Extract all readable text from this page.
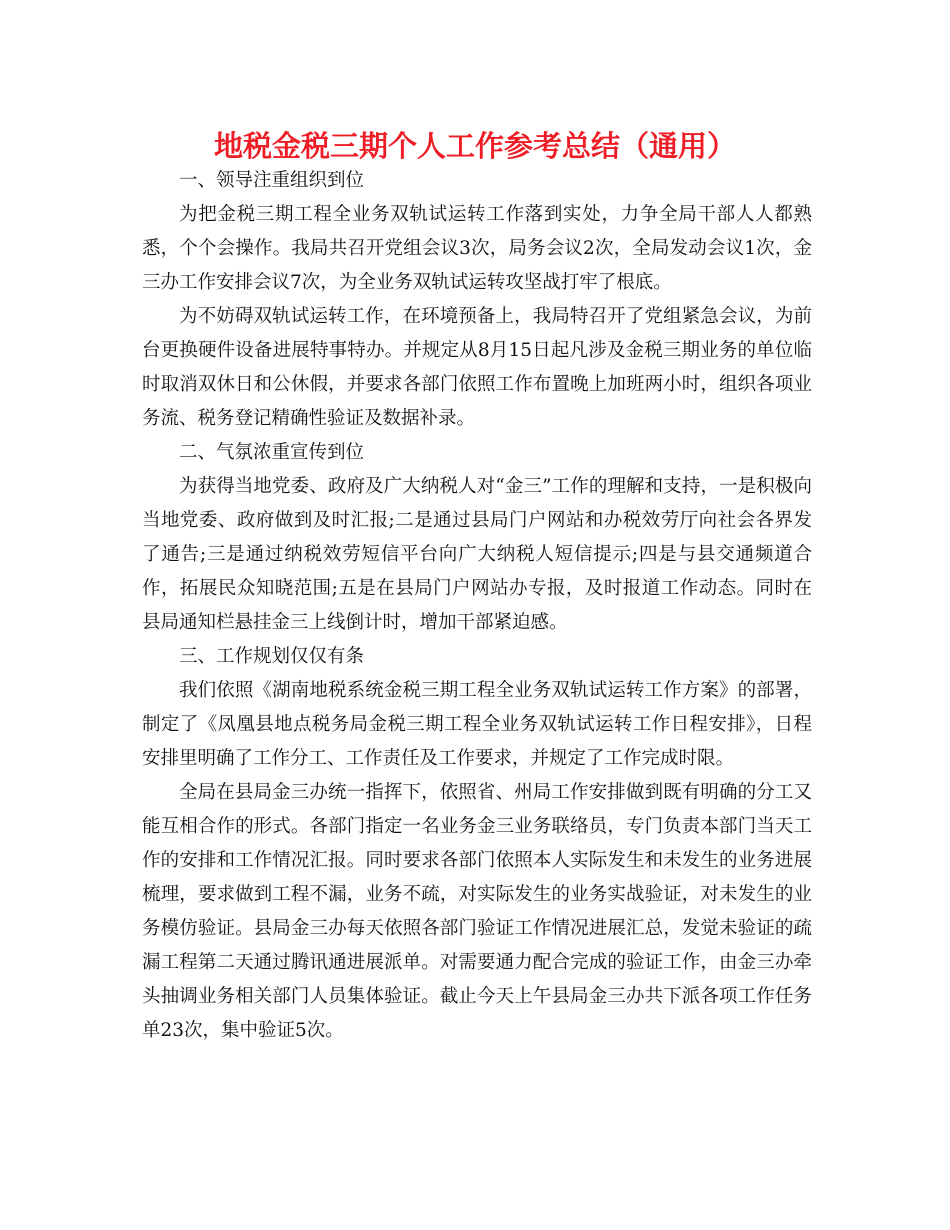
地税金税三期个人工作参考总结（通用）

一、领导注重组织到位

为把金税三期工程全业务双轨试运转工作落到实处，力争全局干部人人都熟悉，个个会操作。我局共召开党组会议3次，局务会议2次，全局发动会议1次，金三办工作安排会议7次，为全业务双轨试运转攻坚战打牢了根底。

为不妨碍双轨试运转工作，在环境预备上，我局特召开了党组紧急会议，为前台更换硬件设备进展特事特办。并规定从8月15日起凡涉及金税三期业务的单位临时取消双休日和公休假，并要求各部门依照工作布置晚上加班两小时，组织各项业务流、税务登记精确性验证及数据补录。

二、气氛浓重宣传到位

为获得当地党委、政府及广大纳税人对“金三”工作的理解和支持，一是积极向当地党委、政府做到及时汇报;二是通过县局门户网站和办税效劳厅向社会各界发了通告;三是通过纳税效劳短信平台向广大纳税人短信提示;四是与县交通频道合作，拓展民众知晓范围;五是在县局门户网站办专报，及时报道工作动态。同时在县局通知栏悬挂金三上线倒计时，增加干部紧迫感。

三、工作规划仅仅有条

我们依照《湖南地税系统金税三期工程全业务双轨试运转工作方案》的部署，制定了《凤凰县地点税务局金税三期工程全业务双轨试运转工作日程安排》，日程安排里明确了工作分工、工作责任及工作要求，并规定了工作完成时限。

全局在县局金三办统一指挥下，依照省、州局工作安排做到既有明确的分工又能互相合作的形式。各部门指定一名业务金三业务联络员，专门负责本部门当天工作的安排和工作情况汇报。同时要求各部门依照本人实际发生和未发生的业务进展梳理，要求做到工程不漏，业务不疏，对实际发生的业务实战验证，对未发生的业务模仿验证。县局金三办每天依照各部门验证工作情况进展汇总，发觉未验证的疏漏工程第二天通过腾讯通进展派单。对需要通力配合完成的验证工作，由金三办牵头抽调业务相关部门人员集体验证。截止今天上午县局金三办共下派各项工作任务单23次，集中验证5次。
